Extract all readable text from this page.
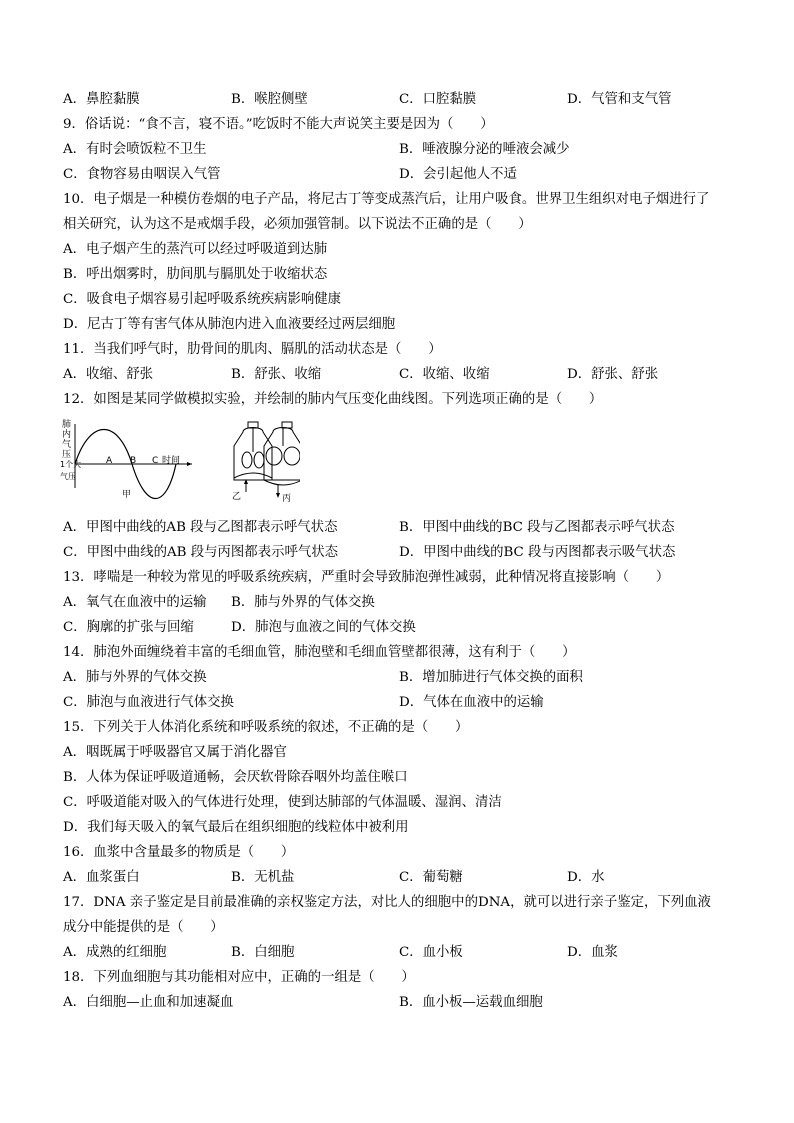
A．鼻腔黏膜	B．喉腔侧壁	C．口腔黏膜	D．气管和支气管
9．俗话说：“食不言，寝不语。”吃饭时不能大声说笑主要是因为（　　）
A．有时会喷饭粒不卫生	B．唾液腺分泌的唾液会减少
C．食物容易由咽误入气管	D．会引起他人不适
10．电子烟是一种模仿卷烟的电子产品，将尼古丁等变成蒸汽后，让用户吸食。世界卫生组织对电子烟进行了
相关研究，认为这不是戒烟手段，必须加强管制。以下说法不正确的是（　　）
A．电子烟产生的蒸汽可以经过呼吸道到达肺
B．呼出烟雾时，肋间肌与膈肌处于收缩状态
C．吸食电子烟容易引起呼吸系统疾病影响健康
D．尼古丁等有害气体从肺泡内进入血液要经过两层细胞
11．当我们呼气时，肋骨间的肌肉、膈肌的活动状态是（　　）
A．收缩、舒张	B．舒张、收缩	C．收缩、收缩	D．舒张、舒张
12．如图是某同学做模拟实验，并绘制的肺内气压变化曲线图。下列选项正确的是（　　）
肺
内
气
压
1个大
气压
A B C 时间
甲	乙	丙
A．甲图中曲线的AB 段与乙图都表示呼气状态	B．甲图中曲线的BC 段与乙图都表示呼气状态
C．甲图中曲线的AB 段与丙图都表示呼气状态	D．甲图中曲线的BC 段与丙图都表示吸气状态
13．哮喘是一种较为常见的呼吸系统疾病，严重时会导致肺泡弹性减弱，此种情况将直接影响（　　）
A．氧气在血液中的运输 B．肺与外界的气体交换
C．胸廓的扩张与回缩	D．肺泡与血液之间的气体交换
14．肺泡外面缠绕着丰富的毛细血管，肺泡壁和毛细血管壁都很薄，这有利于（　　）
A．肺与外界的气体交换	B．增加肺进行气体交换的面积
C．肺泡与血液进行气体交换	D．气体在血液中的运输
15．下列关于人体消化系统和呼吸系统的叙述，不正确的是（　　）
A．咽既属于呼吸器官又属于消化器官
B．人体为保证呼吸道通畅，会厌软骨除吞咽外均盖住喉口
C．呼吸道能对吸入的气体进行处理，使到达肺部的气体温暖、湿润、清洁
D．我们每天吸入的氧气最后在组织细胞的线粒体中被利用
16．血浆中含量最多的物质是（　　）
A．血浆蛋白	B．无机盐	C．葡萄糖	D．水
17．DNA 亲子鉴定是目前最准确的亲权鉴定方法，对比人的细胞中的DNA，就可以进行亲子鉴定，下列血液
成分中能提供的是（　　）
A．成熟的红细胞	B．白细胞	C．血小板	D．血浆
18．下列血细胞与其功能相对应中，正确的一组是（　　）
A．白细胞—止血和加速凝血	B．血小板—运载血细胞
